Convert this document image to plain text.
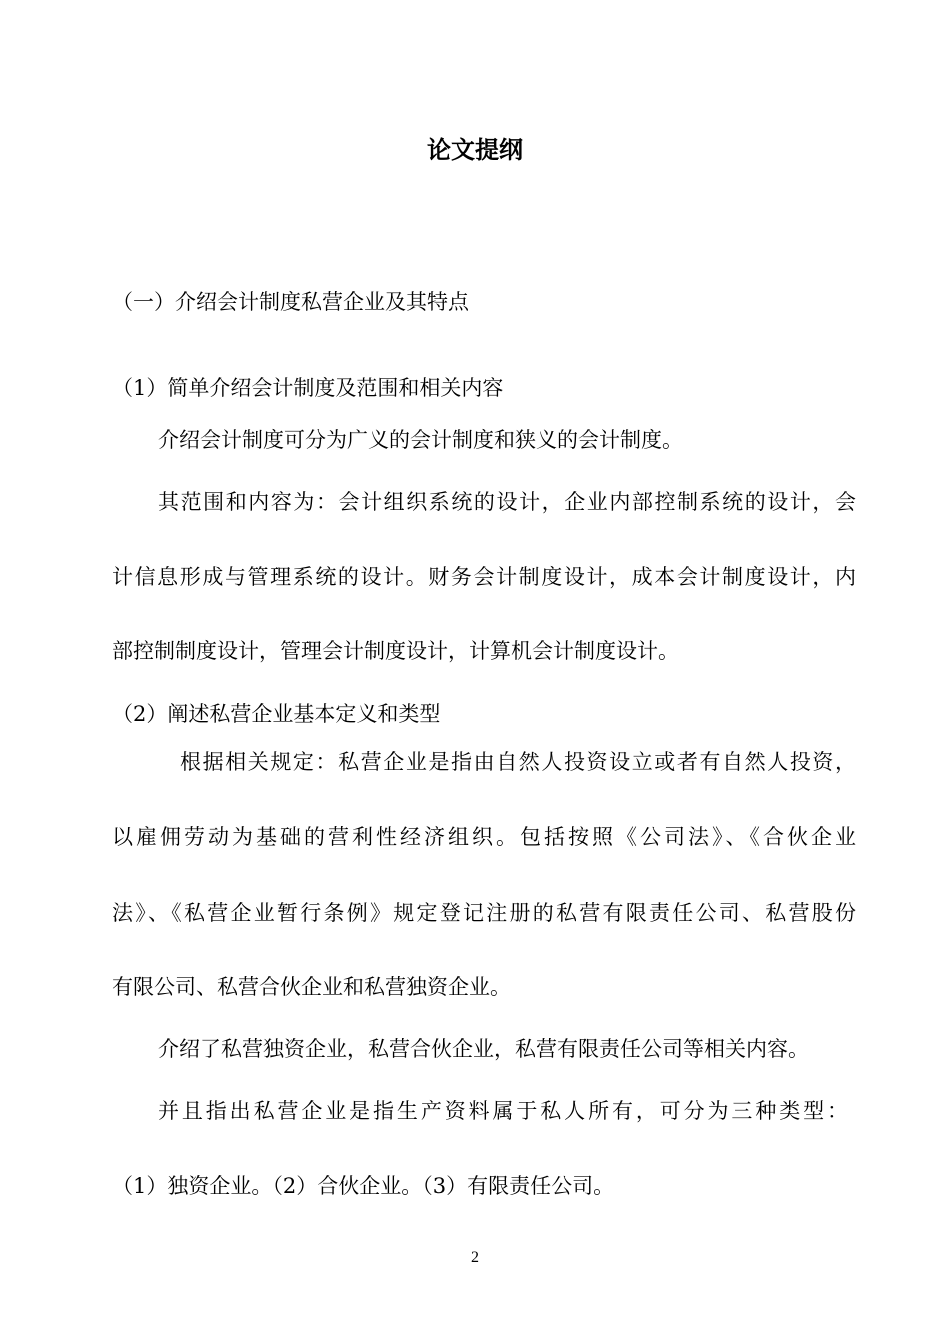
论文提纲
（一）介绍会计制度私营企业及其特点
（1）简单介绍会计制度及范围和相关内容
介绍会计制度可分为广义的会计制度和狭义的会计制度。
其范围和内容为：会计组织系统的设计，企业内部控制系统的设计，会
计信息形成与管理系统的设计。财务会计制度设计，成本会计制度设计，内
部控制制度设计，管理会计制度设计，计算机会计制度设计。
（2）阐述私营企业基本定义和类型
根据相关规定：私营企业是指由自然人投资设立或者有自然人投资，
以雇佣劳动为基础的营利性经济组织。包括按照《公司法》、《合伙企业
法》、《私营企业暂行条例》规定登记注册的私营有限责任公司、私营股份
有限公司、私营合伙企业和私营独资企业。
介绍了私营独资企业，私营合伙企业，私营有限责任公司等相关内容。
并且指出私营企业是指生产资料属于私人所有，可分为三种类型：
（1）独资企业。（2）合伙企业。（3）有限责任公司。
2
